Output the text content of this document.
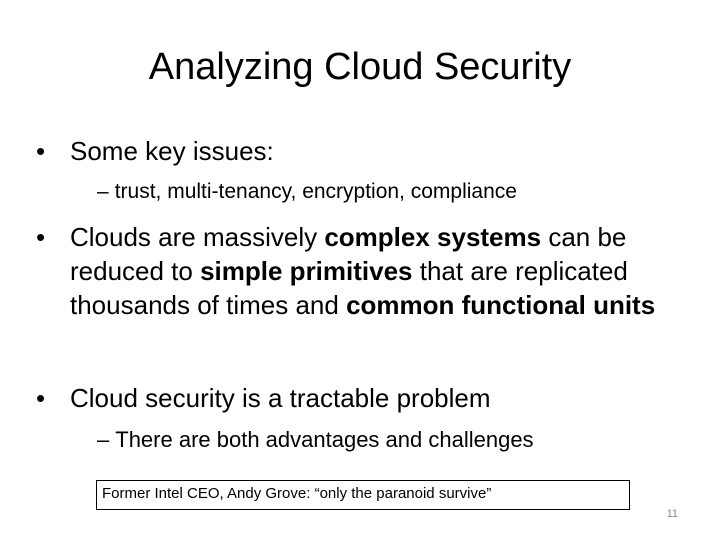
Analyzing Cloud Security
• Some key issues:
– trust, multi-tenancy, encryption, compliance
• Clouds are massively complex systems can be reduced to simple primitives that are replicated thousands of times and common functional units
• Cloud security is a tractable problem
– There are both advantages and challenges
Former Intel CEO, Andy Grove: “only the paranoid survive”
11
